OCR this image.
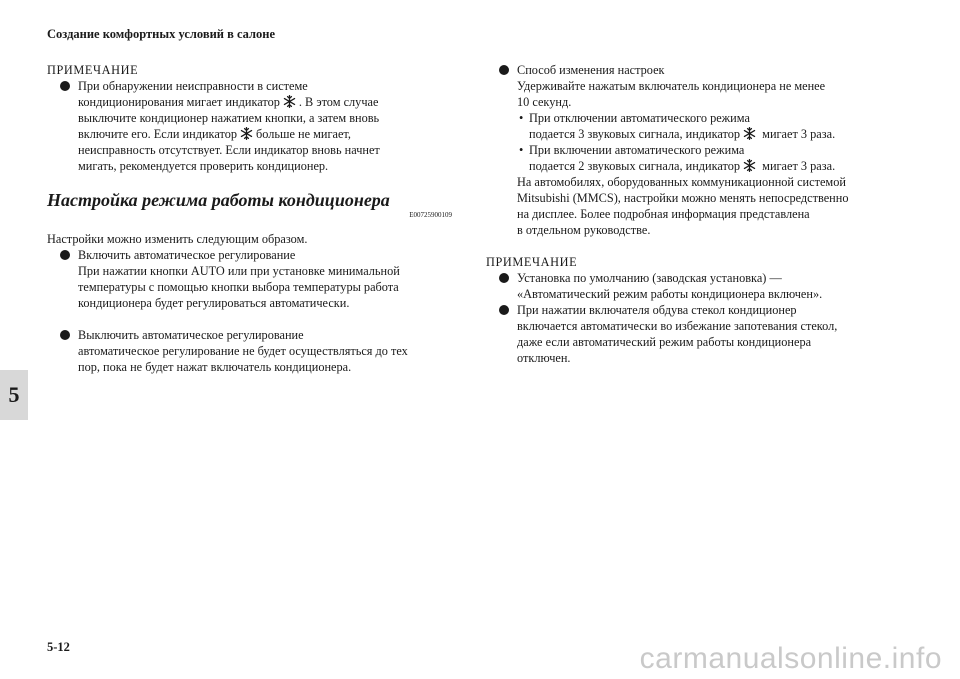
Создание комфортных условий в салоне

ПРИМЕЧАНИЕ

При обнаружении неисправности в системе
кондиционирования мигает индикатор . В этом случае
выключите кондиционер нажатием кнопки, а затем вновь
включите его. Если индикатор больше не мигает,
неисправность отсутствует. Если индикатор вновь начнет
мигать, рекомендуется проверить кондиционер.
Настройка режима работы кондиционера
E00725900109

Настройки можно изменить следующим образом.

Включить автоматическое регулирование
При нажатии кнопки AUTO или при установке минимальной
температуры с помощью кнопки выбора температуры работа
кондиционера будет регулироваться автоматически.
Выключить автоматическое регулирование
автоматическое регулирование не будет осуществляться до тех
пор, пока не будет нажат включатель кондиционера.
Способ изменения настроек
Удерживайте нажатым включатель кондиционера не менее
10 секунд.
• При отключении автоматического режима
подается 3 звуковых сигнала, индикатор мигает 3 раза.
• При включении автоматического режима
подается 2 звуковых сигнала, индикатор мигает 3 раза.
На автомобилях, оборудованных коммуникационной системой
Mitsubishi (MMCS), настройки можно менять непосредственно
на дисплее. Более подробная информация представлена
в отдельном руководстве.

ПРИМЕЧАНИЕ

Установка по умолчанию (заводская установка) —
«Автоматический режим работы кондиционера включен».
При нажатии включателя обдува стекол кондиционер
включается автоматически во избежание запотевания стекол,
даже если автоматический режим работы кондиционера
отключен.
5
5-12	carmanualsonline.info
